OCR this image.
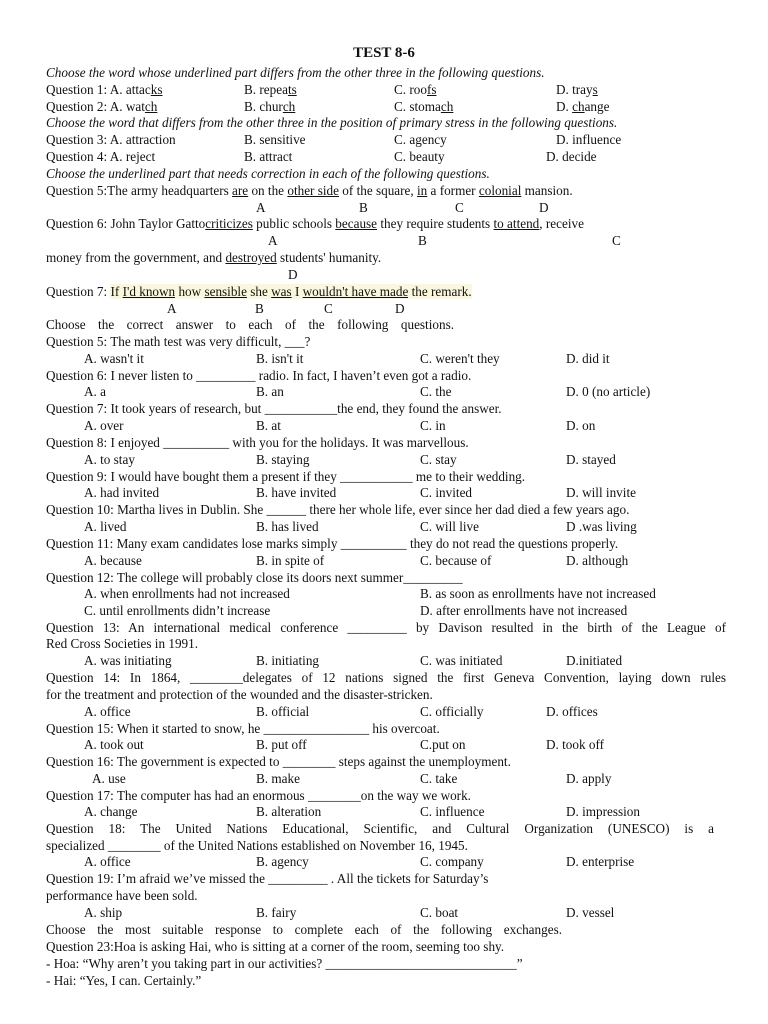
TEST 8-6
Choose the word whose underlined part differs from the other three in the following questions.
Question 1: A. attacks	B. repeats	C. roofs	D. trays
Question 2: A. watch	B. church	C. stomach	D. change
Choose the word that differs from the other three in the position of primary stress in the following questions.
Question 3: A. attraction	B. sensitive	C. agency	D. influence
Question 4: A. reject	B. attract	C. beauty	D. decide
Choose the underlined part that needs correction in each of the following questions.
Question 5:The army headquarters are on the other side of the square, in a former colonial mansion.
A	B	C	D
Question 6: John Taylor Gattocriticizes public schools because they require students to attend, receive
A	B	C
money from the government, and destroyed students' humanity.
D
Question 7: If I'd known how sensible she was I wouldn't have made the remark.
A	B	C	D
Choose the correct answer to each of the following questions.
Question 5: The math test was very difficult, ___?
A. wasn't it	B. isn't it	C. weren't they	D. did it
Question 6: I never listen to _________ radio. In fact, I haven’t even got a radio.
A. a	B. an	C. the	D. 0 (no article)
Question 7: It took years of research, but ___________the end, they found the answer.
A. over	B. at	C. in	D. on
Question 8: I enjoyed __________ with you for the holidays. It was marvellous.
A. to stay	B. staying	C. stay	D. stayed
Question 9: I would have bought them a present if they ___________ me to their wedding.
A. had invited	B. have invited	C. invited	D. will invite
Question 10: Martha lives in Dublin. She ______ there her whole life, ever since her dad died a few years ago.
A. lived	B. has lived	C. will live	D .was living
Question 11: Many exam candidates lose marks simply __________ they do not read the questions properly.
A. because	B. in spite of	C. because of	D. although
Question 12: The college will probably close its doors next summer_________
A. when enrollments had not increased	B. as soon as enrollments have not increased
C. until enrollments didn’t increase	D. after enrollments have not increased
Question 13: An international medical conference _________ by Davison resulted in the birth of the League of
Red Cross Societies in 1991.
A. was initiating	B. initiating	C. was initiated	D.initiated
Question 14: In 1864, ________delegates of 12 nations signed the first Geneva Convention, laying down rules
for the treatment and protection of the wounded and the disaster-stricken.
A. office	B. official	C. officially	D. offices
Question 15: When it started to snow, he ________________ his overcoat.
A. took out	B. put off	C.put on	D. took off
Question 16: The government is expected to ________ steps against the unemployment.
A. use	B. make	C. take	D. apply
Question 17: The computer has had an enormous ________on the way we work.
A. change	B. alteration	C. influence	D. impression
Question 18: The United Nations Educational, Scientific, and Cultural Organization (UNESCO) is a
specialized ________ of the United Nations established on November 16, 1945.
A. office	B. agency	C. company	D. enterprise
Question 19: I’m afraid we’ve missed the _________ . All the tickets for Saturday’s
performance have been sold.
A. ship	B. fairy	C. boat	D. vessel
Choose the most suitable response to complete each of the following exchanges.
Question 23:Hoa is asking Hai, who is sitting at a corner of the room, seeming too shy.
- Hoa: “Why aren’t you taking part in our activities? _____________________________”
- Hai: “Yes, I can. Certainly.”
